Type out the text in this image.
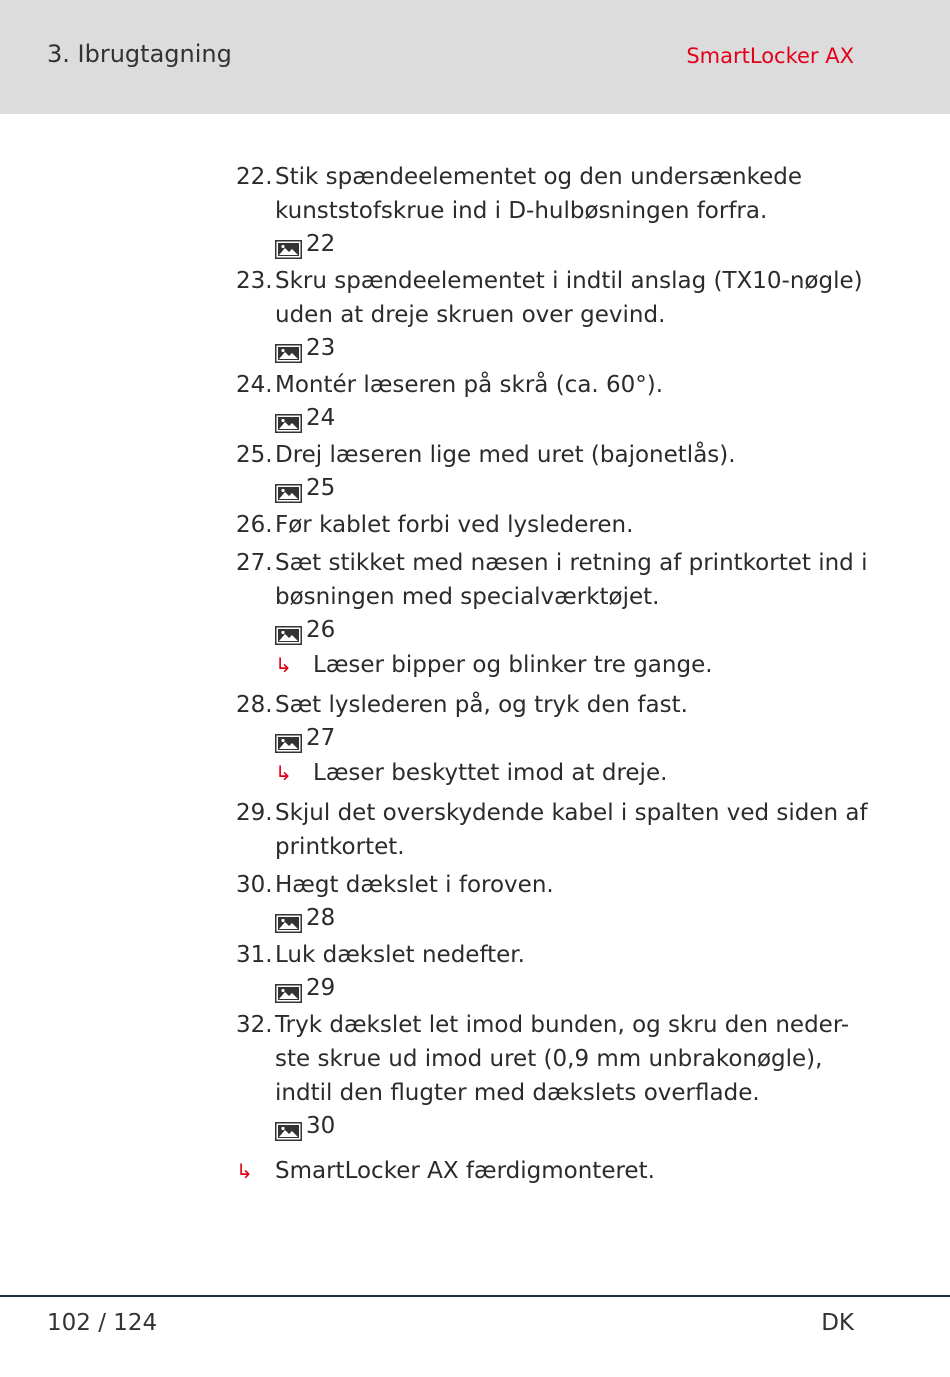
3. Ibrugtagning	SmartLocker AX
22. Stik spændeelementet og den undersænkede kunststofskrue ind i D-hulbøsningen forfra.
22
23. Skru spændeelementet i indtil anslag (TX10-nøgle) uden at dreje skruen over gevind.
23
24. Montér læseren på skrå (ca. 60°).
24
25. Drej læseren lige med uret (bajonetlås).
25
26. Før kablet forbi ved lyslederen.
27. Sæt stikket med næsen i retning af printkortet ind i bøsningen med specialværktøjet.
26
↳ Læser bipper og blinker tre gange.
28. Sæt lyslederen på, og tryk den fast.
27
↳ Læser beskyttet imod at dreje.
29. Skjul det overskydende kabel i spalten ved siden af printkortet.
30. Hægt dækslet i foroven.
28
31. Luk dækslet nedefter.
29
32. Tryk dækslet let imod bunden, og skru den neder-ste skrue ud imod uret (0,9 mm unbrakonøgle), indtil den flugter med dækslets overflade.
30
↳ SmartLocker AX færdigmonteret.
102 / 124	DK
